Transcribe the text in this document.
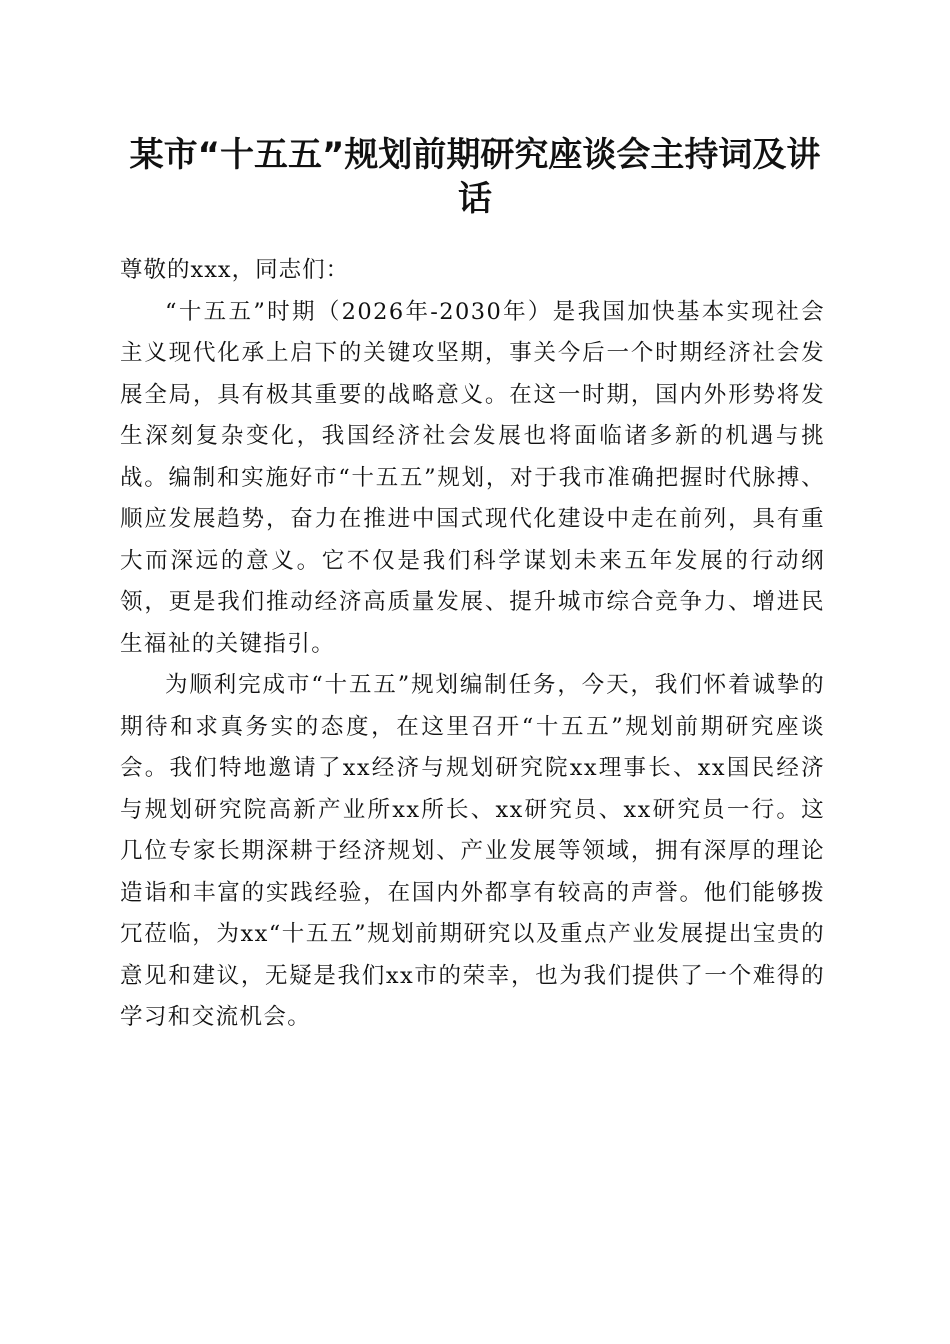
某市“十五五”规划前期研究座谈会主持词及讲话

尊敬的xxx，同志们：

“十五五”时期（2026年-2030年）是我国加快基本实现社会主义现代化承上启下的关键攻坚期，事关今后一个时期经济社会发展全局，具有极其重要的战略意义。在这一时期，国内外形势将发生深刻复杂变化，我国经济社会发展也将面临诸多新的机遇与挑战。编制和实施好市“十五五”规划，对于我市准确把握时代脉搏、顺应发展趋势，奋力在推进中国式现代化建设中走在前列，具有重大而深远的意义。它不仅是我们科学谋划未来五年发展的行动纲领，更是我们推动经济高质量发展、提升城市综合竞争力、增进民生福祉的关键指引。

为顺利完成市“十五五”规划编制任务，今天，我们怀着诚挚的期待和求真务实的态度，在这里召开“十五五”规划前期研究座谈会。我们特地邀请了xx经济与规划研究院xx理事长、xx国民经济与规划研究院高新产业所xx所长、xx研究员、xx研究员一行。这几位专家长期深耕于经济规划、产业发展等领域，拥有深厚的理论造诣和丰富的实践经验，在国内外都享有较高的声誉。他们能够拨冗莅临，为xx“十五五”规划前期研究以及重点产业发展提出宝贵的意见和建议，无疑是我们xx市的荣幸，也为我们提供了一个难得的学习和交流机会。
